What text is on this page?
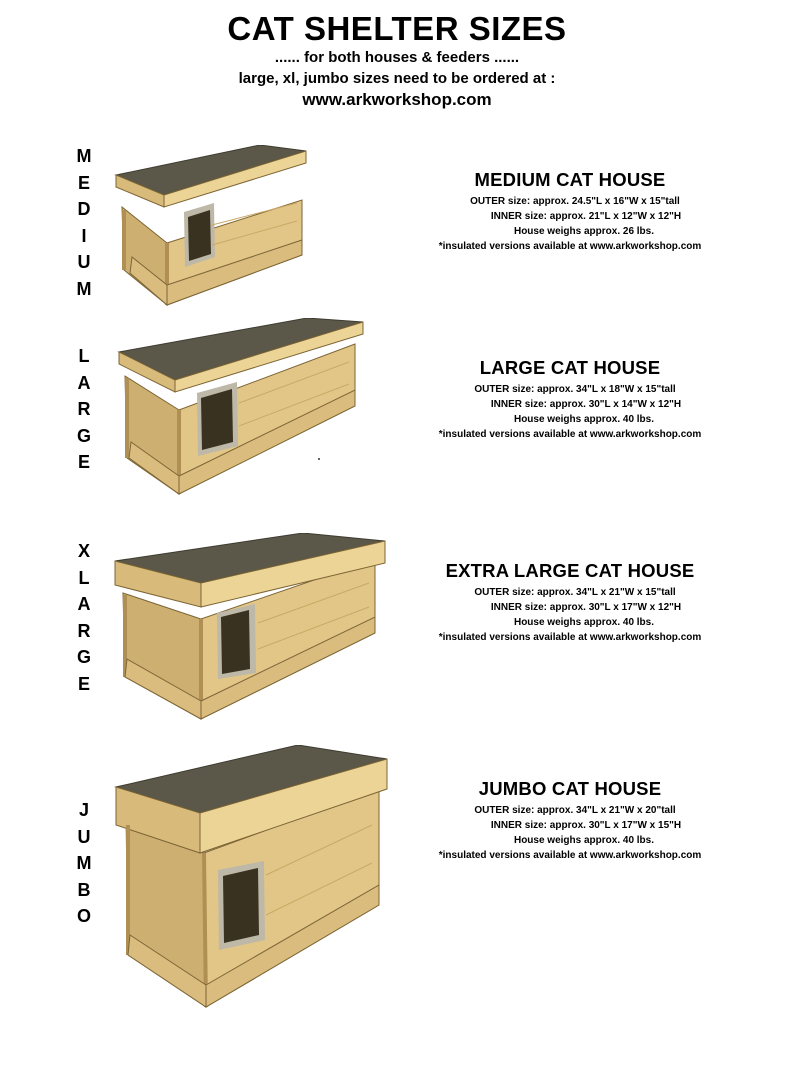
CAT SHELTER SIZES
...... for both houses & feeders ......
large, xl, jumbo sizes need to be ordered at :
www.arkworkshop.com
M
E
D
I
U
M
MEDIUM CAT HOUSE
OUTER size: approx. 24.5"L x 16"W x 15"tall
INNER size: approx. 21"L x 12"W x 12"H
House weighs approx. 26 lbs.
*insulated versions available at www.arkworkshop.com
L
A
R
G
E
LARGE CAT HOUSE
OUTER size: approx. 34"L x 18"W x 15"tall
INNER size: approx. 30"L x 14"W x 12"H
House weighs approx. 40 lbs.
*insulated versions available at www.arkworkshop.com
X
L
A
R
G
E
EXTRA LARGE CAT HOUSE
OUTER size: approx. 34"L x 21"W x 15"tall
INNER size: approx. 30"L x 17"W x 12"H
House weighs approx. 40 lbs.
*insulated versions available at www.arkworkshop.com
J
U
M
B
O
JUMBO CAT HOUSE
OUTER size: approx. 34"L x 21"W x 20"tall
INNER size: approx. 30"L x 17"W x 15"H
House weighs approx. 40 lbs.
*insulated versions available at www.arkworkshop.com
